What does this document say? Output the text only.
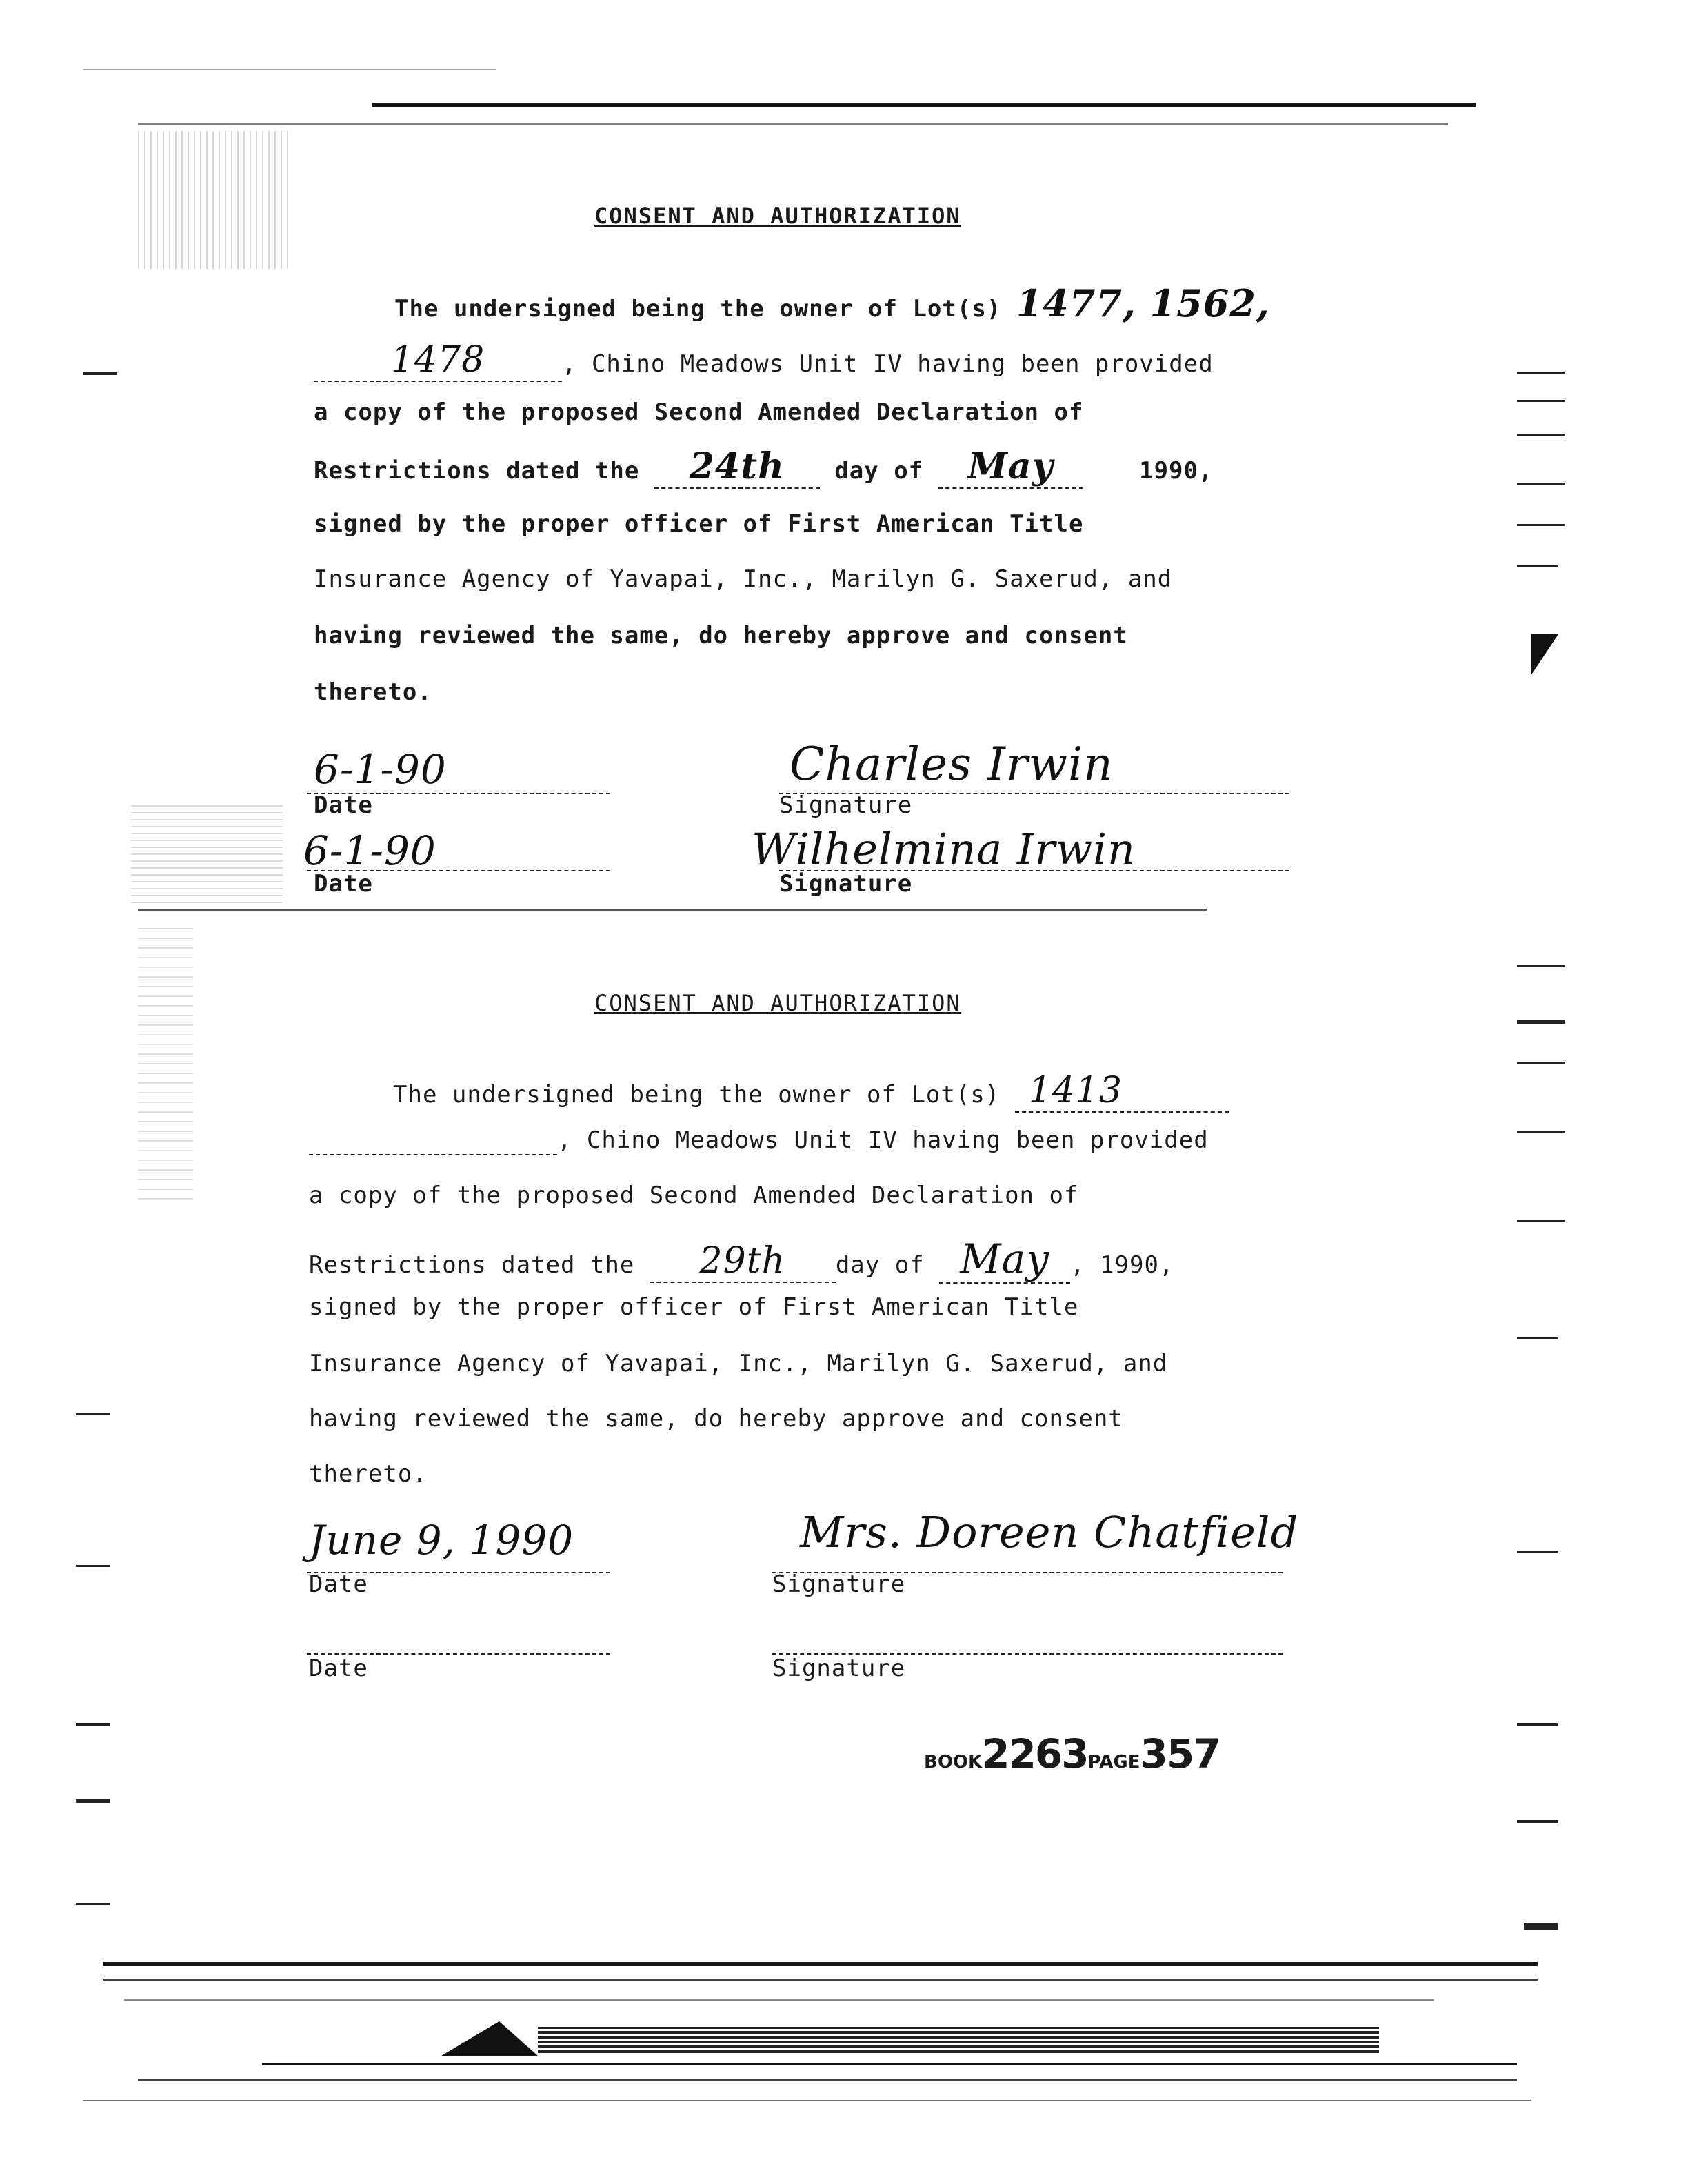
CONSENT AND AUTHORIZATION
The undersigned being the owner of Lot(s) 1477, 1562,
1478	, Chino Meadows Unit IV having been provided
a copy of the proposed Second Amended Declaration of
Restrictions dated the 24th day of May	1990,
signed by the proper officer of First American Title
Insurance Agency of Yavapai, Inc., Marilyn G. Saxerud, and
having reviewed the same, do hereby approve and consent
thereto.
6-1-90
Date
Charles Irwin
Signature
6-1-90
Date
Wilhelmina Irwin
Signature
CONSENT AND AUTHORIZATION
The undersigned being the owner of Lot(s) 1413
, Chino Meadows Unit IV having been provided
a copy of the proposed Second Amended Declaration of
Restrictions dated the 29th day of May , 1990,
signed by the proper officer of First American Title
Insurance Agency of Yavapai, Inc., Marilyn G. Saxerud, and
having reviewed the same, do hereby approve and consent
thereto.
June 9, 1990
Date
Mrs. Doreen Chatfield
Signature
Date	Signature
BOOK2263PAGE357
